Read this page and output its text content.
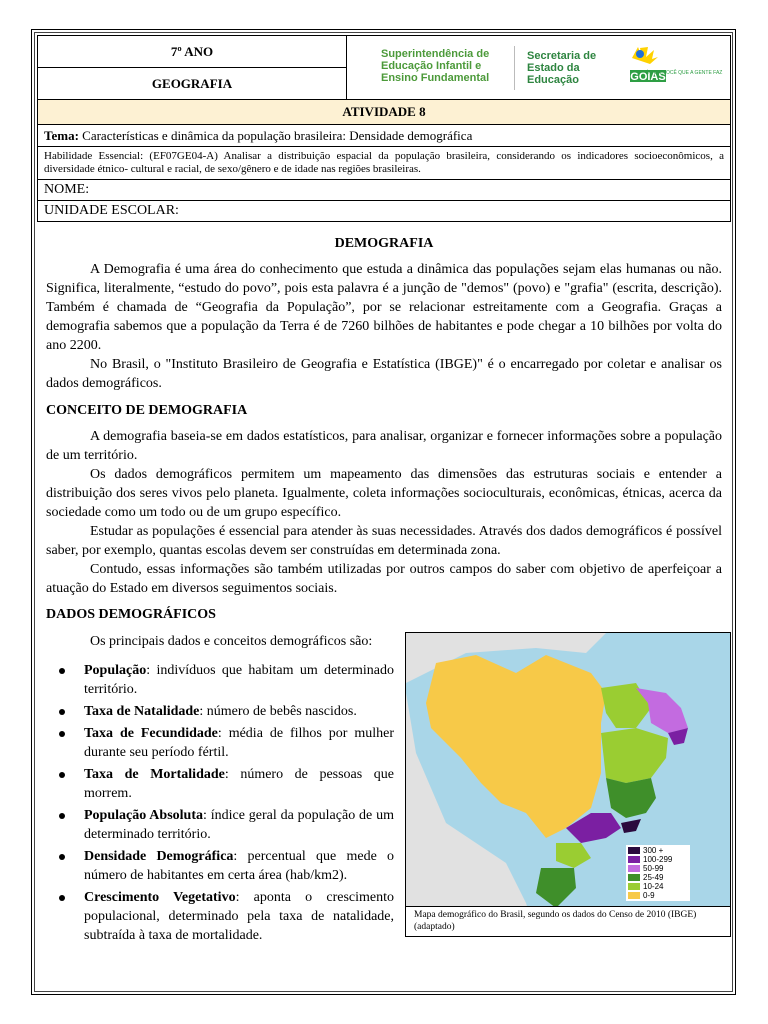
7º ANO	Superintendência de Educação Infantil e Ensino Fundamental
Secretaria de Estado da Educação	GOIAS
É POR VOCÊ QUE A GENTE FAZ

GEOGRAFIA
ATIVIDADE 8
Tema: Características e dinâmica da população brasileira: Densidade demográfica
Habilidade Essencial: (EF07GE04-A) Analisar a distribuição espacial da população brasileira, considerando os indicadores socioeconômicos, a diversidade étnico- cultural e racial, de sexo/gênero e de idade nas regiões brasileiras.
NOME:
UNIDADE ESCOLAR:
DEMOGRAFIA

A Demografia é uma área do conhecimento que estuda a dinâmica das populações sejam elas humanas ou não. Significa, literalmente, “estudo do povo”, pois esta palavra é a junção de "demos" (povo) e "grafia" (escrita, descrição). Também é chamada de “Geografia da População”, por se relacionar estreitamente com a Geografia. Graças a demografia sabemos que a população da Terra é de 7260 bilhões de habitantes e pode chegar a 10 bilhões por volta do ano 2200.

No Brasil, o "Instituto Brasileiro de Geografia e Estatística (IBGE)" é o encarregado por coletar e analisar os dados demográficos.

CONCEITO DE DEMOGRAFIA

A demografia baseia-se em dados estatísticos, para analisar, organizar e fornecer informações sobre a população de um território.

Os dados demográficos permitem um mapeamento das dimensões das estruturas sociais e entender a distribuição dos seres vivos pelo planeta. Igualmente, coleta informações socioculturais, econômicas, étnicas, acerca da sociedade como um todo ou de um grupo específico.

Estudar as populações é essencial para atender às suas necessidades. Através dos dados demográficos é possível saber, por exemplo, quantas escolas devem ser construídas em determinada zona.

Contudo, essas informações são também utilizadas por outros campos do saber com objetivo de aperfeiçoar a atuação do Estado em diversos seguimentos sociais.

DADOS DEMOGRÁFICOS

Os principais dados e conceitos demográficos são:

População: indivíduos que habitam um determinado território.
Taxa de Natalidade: número de bebês nascidos.
Taxa de Fecundidade: média de filhos por mulher durante seu período fértil.
Taxa de Mortalidade: número de pessoas que morrem.
População Absoluta: índice geral da população de um determinado território.
Densidade Demográfica: percentual que mede o número de habitantes em certa área (hab/km2).
Crescimento Vegetativo: aponta o crescimento populacional, determinado pela taxa de natalidade, subtraída à taxa de mortalidade.
300 +
100-299
50-99
25-49
10-24
0-9
Mapa demográfico do Brasil, segundo os dados do Censo de 2010 (IBGE) (adaptado)
